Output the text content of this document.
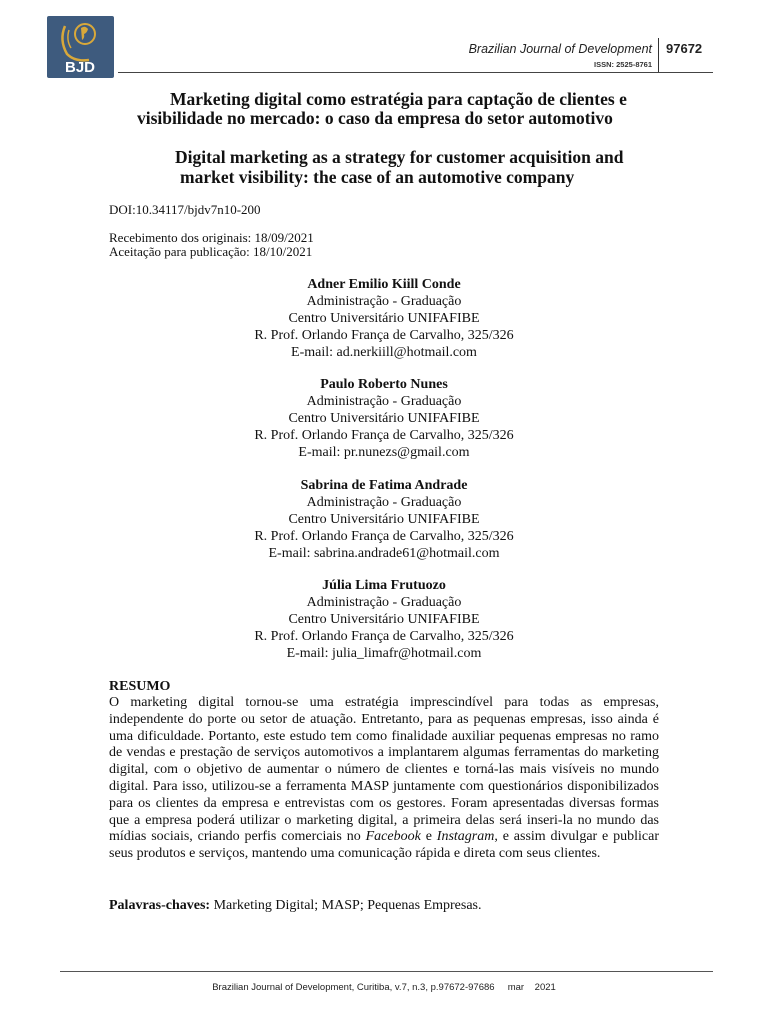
BJD
Brazilian Journal of Development 97672
ISSN: 2525-8761
Marketing digital como estratégia para captação de clientes e
visibilidade no mercado: o caso da empresa do setor automotivo
Digital marketing as a strategy for customer acquisition and
market visibility: the case of an automotive company
DOI:10.34117/bjdv7n10-200
Recebimento dos originais: 18/09/2021
Aceitação para publicação: 18/10/2021
Adner Emilio Kiill Conde
Administração - Graduação
Centro Universitário UNIFAFIBE
R. Prof. Orlando França de Carvalho, 325/326
E-mail: ad.nerkiill@hotmail.com
Paulo Roberto Nunes
Administração - Graduação
Centro Universitário UNIFAFIBE
R. Prof. Orlando França de Carvalho, 325/326
E-mail: pr.nunezs@gmail.com
Sabrina de Fatima Andrade
Administração - Graduação
Centro Universitário UNIFAFIBE
R. Prof. Orlando França de Carvalho, 325/326
E-mail: sabrina.andrade61@hotmail.com
Júlia Lima Frutuozo
Administração - Graduação
Centro Universitário UNIFAFIBE
R. Prof. Orlando França de Carvalho, 325/326
E-mail: julia_limafr@hotmail.com
RESUMO
O marketing digital tornou-se uma estratégia imprescindível para todas as empresas, independente do porte ou setor de atuação. Entretanto, para as pequenas empresas, isso ainda é uma dificuldade. Portanto, este estudo tem como finalidade auxiliar pequenas empresas no ramo de vendas e prestação de serviços automotivos a implantarem algumas ferramentas do marketing digital, com o objetivo de aumentar o número de clientes e torná-las mais visíveis no mundo digital. Para isso, utilizou-se a ferramenta MASP juntamente com questionários disponibilizados para os clientes da empresa e entrevistas com os gestores. Foram apresentadas diversas formas que a empresa poderá utilizar o marketing digital, a primeira delas será inseri-la no mundo das mídias sociais, criando perfis comerciais no Facebook e Instagram, e assim divulgar e publicar seus produtos e serviços, mantendo uma comunicação rápida e direta com seus clientes.
Palavras-chaves: Marketing Digital; MASP; Pequenas Empresas.
Brazilian Journal of Development, Curitiba, v.7, n.3, p.97672-97686     mar    2021
